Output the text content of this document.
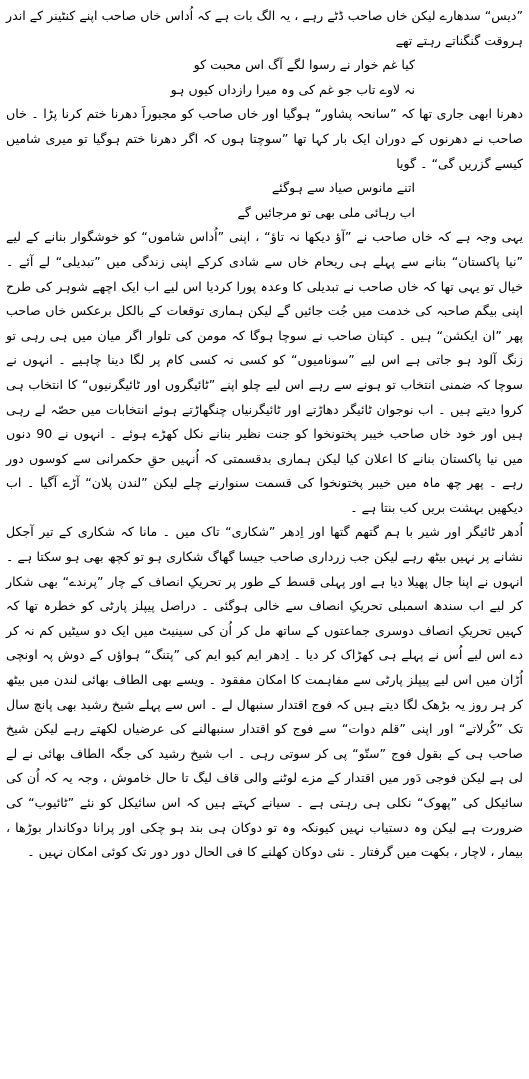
”دیس“ سدھارے لیکن خاں صاحب ڈٹے رہے ، یہ الگ بات ہے کہ اُداس خاں صاحب اپنے کنٹینر کے اندر ہروقت گنگناتے رہتے تھے

کیا غم خوار نے رسوا لگے آگ اس محبت کو

نہ لاوے تاب جو غم کی وہ میرا رازداں کیوں ہو

دھرنا ابھی جاری تھا کہ ”سانحہ پشاور“ ہوگیا اور خاں صاحب کو مجبوراََ دھرنا ختم کرنا پڑا ۔ خاں صاحب نے دھرنوں کے دوران ایک بار کہا تھا ”سوچتا ہوں کہ اگر دھرنا ختم ہوگیا تو میری شامیں کیسے گزریں گی“ ۔ گویا

اتنے مانوس صیاد سے ہوگئے

اب رہائی ملی بھی تو مرجائیں گے

یہی وجہ ہے کہ خاں صاحب نے ”آؤ دیکھا نہ تاؤ“ ، اپنی ”اُداس شاموں“ کو خوشگوار بنانے کے لیے ”نیا پاکستان“ بنانے سے پہلے ہی ریحام خاں سے شادی کرکے اپنی زندگی میں ”تبدیلی“ لے آئے ۔ خیال تو یہی تھا کہ خاں صاحب نے تبدیلی کا وعدہ پورا کردیا اس لیے اب ایک اچھے شوہر کی طرح اپنی بیگم صاحبہ کی خدمت میں جُت جائیں گے لیکن ہماری توقعات کے بالکل برعکس خاں صاحب پھر ”ان ایکشن“ ہیں ۔ کپتان صاحب نے سوچا ہوگا کہ مومن کی تلوار اگر میان میں ہی رہی تو زنگ آلود ہو جاتی ہے اس لیے ”سونامیوں“ کو کسی نہ کسی کام پر لگا دینا چاہیے ۔ انہوں نے سوچا کہ ضمنی انتخاب تو ہونے سے رہے اس لیے چلو اپنے ”ٹائیگروں اور ٹائیگرنیوں“ کا انتخاب ہی کروا دیتے ہیں ۔ اب نوجوان ٹائیگر دھاڑتے اور ٹائیگرنیاں چنگھاڑتے ہوئے انتخابات میں حصّہ لے رہی ہیں اور خود خاں صاحب خیبر پختونخوا کو جنت نظیر بنانے نکل کھڑے ہوئے ۔ انہوں نے 90 دنوں میں نیا پاکستان بنانے کا اعلان کیا لیکن ہماری بدقسمتی کہ اُنہیں حقِ حکمرانی سے کوسوں دور رہے ۔ پھر چھ ماہ میں خیبر پختونخوا کی قسمت سنوارنے چلے لیکن ”لندن پلان“ آڑے آگیا ۔ اب دیکھیں بہشت بریں کب بنتا ہے ۔

اُدھر ٹائیگر اور شیر با ہم گتھم گتھا اور اِدھر ”شکاری“ تاک میں ۔ مانا کہ شکاری کے تیر آجکل نشانے پر نہیں بیٹھ رہے لیکن جب زرداری صاحب جیسا گھاگ شکاری ہو تو کچھ بھی ہو سکتا ہے ۔ انہوں نے اپنا جال پھیلا دیا ہے اور پہلی قسط کے طور پر تحریکِ انصاف کے چار ”پرندے“ بھی شکار کر لیے اب سندھ اسمبلی تحریکِ انصاف سے خالی ہوگئی ۔ دراصل پیپلز پارٹی کو خطرہ تھا کہ کہیں تحریکِ انصاف دوسری جماعتوں کے ساتھ مل کر اُن کی سینیٹ میں ایک دو سیٹیں کم نہ کر دے اس لیے اُس نے پہلے ہی کھڑاک کر دیا ۔ اِدھر ایم کیو ایم کی ”پتنگ“ ہواؤں کے دوش پہ اونچی اُڑان میں اس لیے پیپلز پارٹی سے مفاہمت کا امکان مفقود ۔ ویسے بھی الطاف بھائی لندن میں بیٹھ کر ہر روز یہ بڑھک لگا دیتے ہیں کہ فوج اقتدار سنبھال لے ۔ اس سے پہلے شیخ رشید بھی پانچ سال تک ”کُرلاتے“ اور اپنی ”قلم دوات“ سے فوج کو اقتدار سنبھالنے کی عرضیاں لکھتے رہے لیکن شیخ صاحب ہی کے بقول فوج ”ستّو“ پی کر سوتی رہی ۔ اب شیخ رشید کی جگہ الطاف بھائی نے لے لی ہے لیکن فوجی دَور میں اقتدار کے مزے لوٹنے والی قاف لیگ تا حال خاموش ، وجہ یہ کہ اُن کی سائیکل کی ”پھوک“ نکلی ہی رہتی ہے ۔ سیانے کہتے ہیں کہ اس سائیکل کو نئے ”ٹائیوب“ کی ضرورت ہے لیکن وہ دستیاب نہیں کیونکہ وہ تو دوکان ہی بند ہو چکی اور پرانا دوکاندار بوڑھا ، بیمار ، لاچار ، بکھت میں گرفتار ۔ نئی دوکان کھلنے کا فی الحال دور دور تک کوئی امکان نہیں ۔
